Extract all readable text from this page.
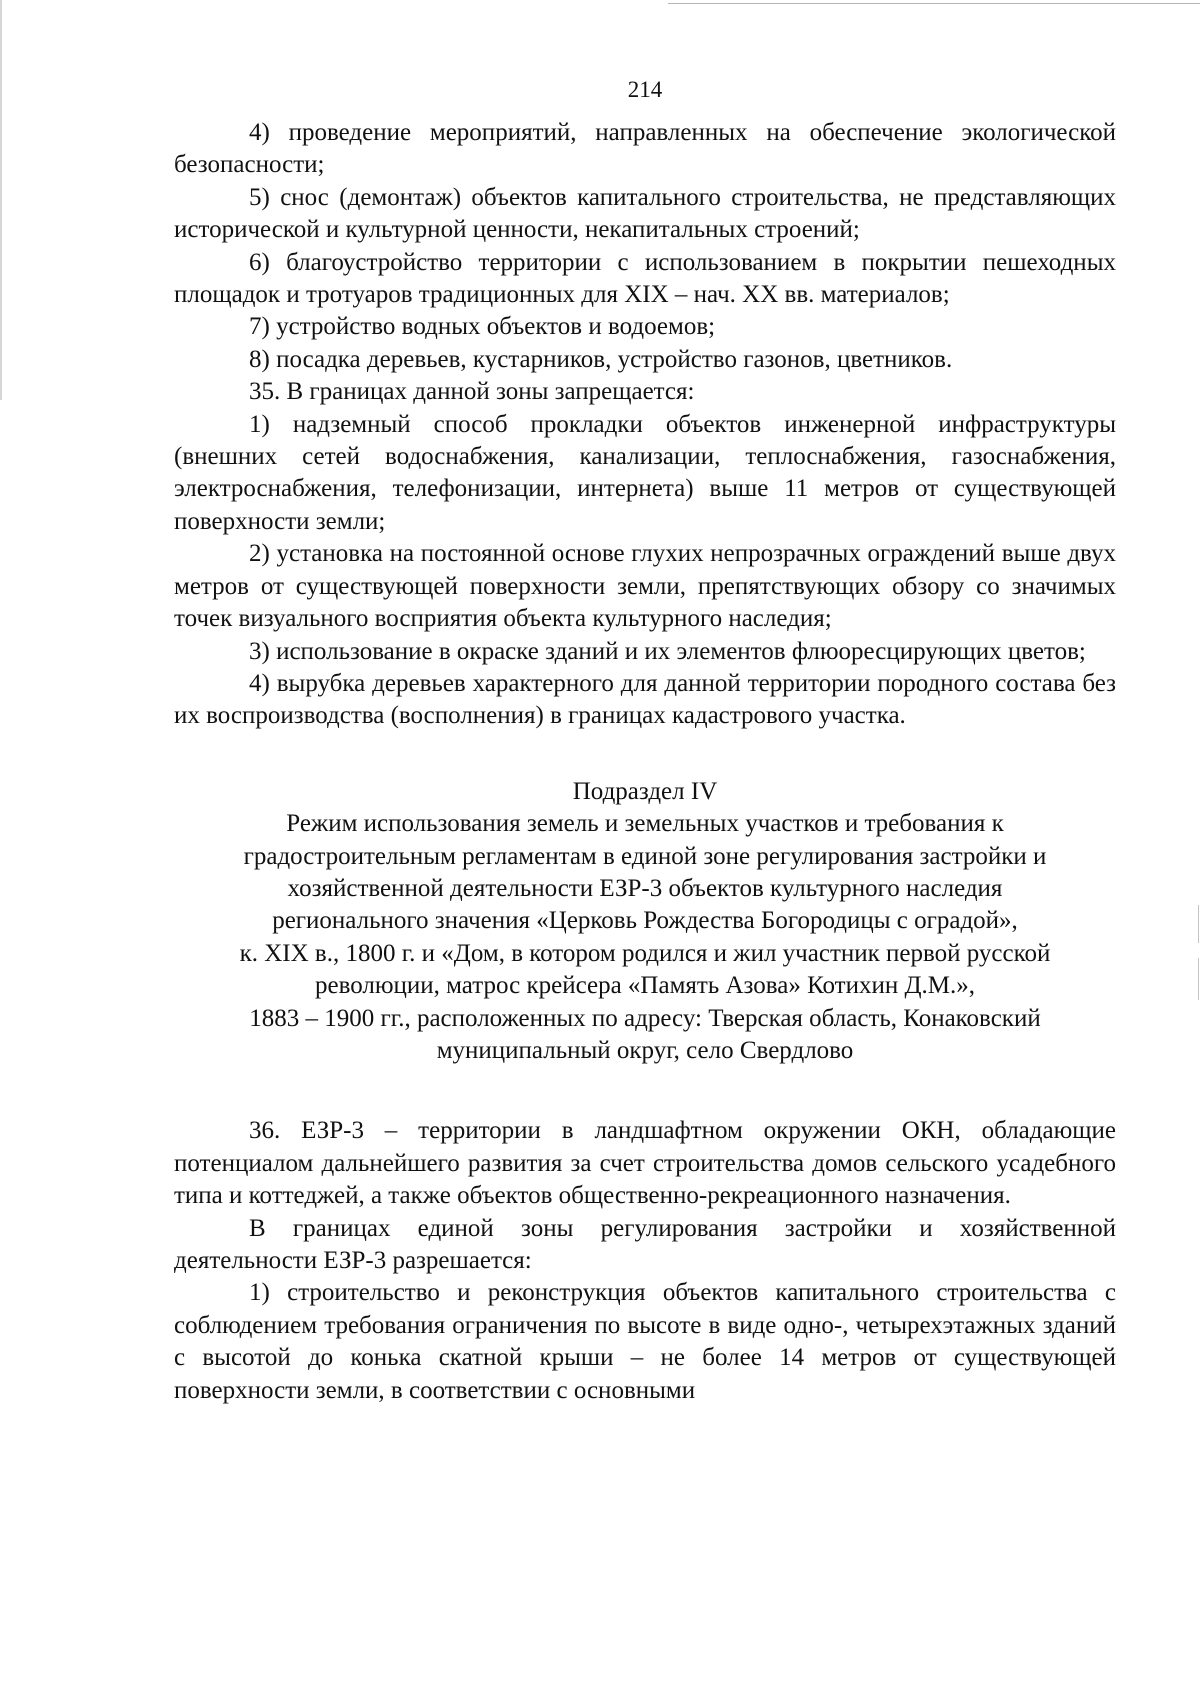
214

4) проведение мероприятий, направленных на обеспечение экологической безопасности;

5) снос (демонтаж) объектов капитального строительства, не представляющих исторической и культурной ценности, некапитальных строений;

6) благоустройство территории с использованием в покрытии пешеходных площадок и тротуаров традиционных для XIX – нач. XX вв. материалов;

7) устройство водных объектов и водоемов;

8) посадка деревьев, кустарников, устройство газонов, цветников.

35. В границах данной зоны запрещается:

1) надземный способ прокладки объектов инженерной инфраструктуры (внешних сетей водоснабжения, канализации, теплоснабжения, газоснабжения, электроснабжения, телефонизации, интернета) выше 11 метров от существующей поверхности земли;

2) установка на постоянной основе глухих непрозрачных ограждений выше двух метров от существующей поверхности земли, препятствующих обзору со значимых точек визуального восприятия объекта культурного наследия;

3) использование в окраске зданий и их элементов флюоресцирующих цветов;

4) вырубка деревьев характерного для данной территории породного состава без их воспроизводства (восполнения) в границах кадастрового участка.

Подраздел IV
Режим использования земель и земельных участков и требования к
градостроительным регламентам в единой зоне регулирования застройки и
хозяйственной деятельности ЕЗР-3 объектов культурного наследия
регионального значения «Церковь Рождества Богородицы с оградой»,
к. XIX в., 1800 г. и «Дом, в котором родился и жил участник первой русской
революции, матрос крейсера «Память Азова» Котихин Д.М.»,
1883 – 1900 гг., расположенных по адресу: Тверская область, Конаковский
муниципальный округ, село Свердлово

36. ЕЗР-3 – территории в ландшафтном окружении ОКН, обладающие потенциалом дальнейшего развития за счет строительства домов сельского усадебного типа и коттеджей, а также объектов общественно-рекреационного назначения.

В границах единой зоны регулирования застройки и хозяйственной деятельности ЕЗР-3 разрешается:

1) строительство и реконструкция объектов капитального строительства с соблюдением требования ограничения по высоте в виде одно-, четырехэтажных зданий с высотой до конька скатной крыши – не более 14 метров от существующей поверхности земли, в соответствии с основными
